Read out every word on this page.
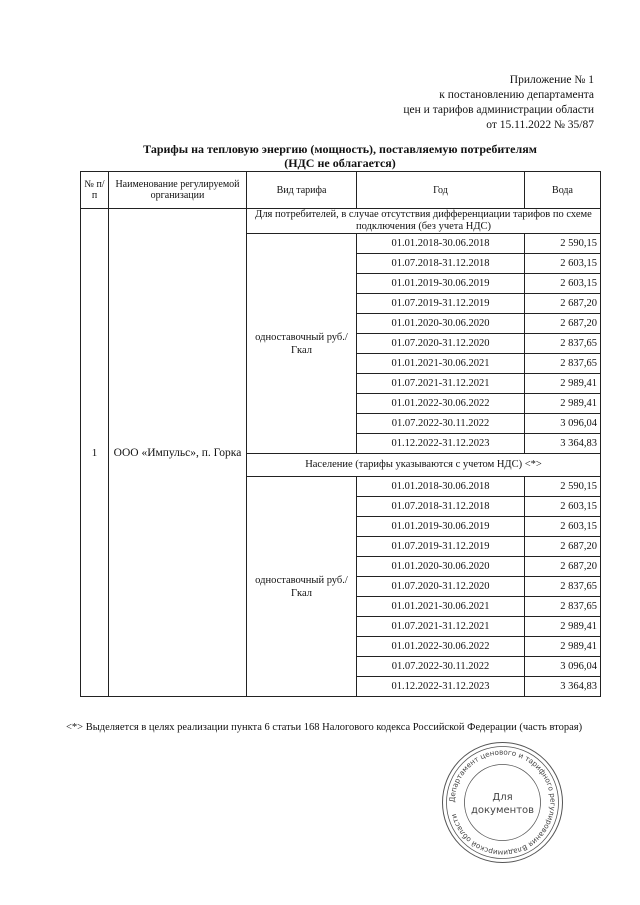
Приложение № 1
к постановлению департамента
цен и тарифов администрации области
от 15.11.2022 № 35/87
Тарифы на тепловую энергию (мощность), поставляемую потребителям
(НДС не облагается)
№ п/п	Наименование регулируемой организации	Вид тарифа	Год	Вода
1	ООО «Импульс», п. Горка	Для потребителей, в случае отсутствия дифференциации тарифов по схеме подключения (без учета НДС)		
		одноставочный руб./Гкал	01.01.2018-30.06.2018	2 590,15
			01.07.2018-31.12.2018	2 603,15
			01.01.2019-30.06.2019	2 603,15
			01.07.2019-31.12.2019	2 687,20
			01.01.2020-30.06.2020	2 687,20
			01.07.2020-31.12.2020	2 837,65
			01.01.2021-30.06.2021	2 837,65
			01.07.2021-31.12.2021	2 989,41
			01.01.2022-30.06.2022	2 989,41
			01.07.2022-30.11.2022	3 096,04
			01.12.2022-31.12.2023	3 364,83
		Население (тарифы указываются с учетом НДС) <*>		
		одноставочный руб./Гкал	01.01.2018-30.06.2018	2 590,15
			01.07.2018-31.12.2018	2 603,15
			01.01.2019-30.06.2019	2 603,15
			01.07.2019-31.12.2019	2 687,20
			01.01.2020-30.06.2020	2 687,20
			01.07.2020-31.12.2020	2 837,65
			01.01.2021-30.06.2021	2 837,65
			01.07.2021-31.12.2021	2 989,41
			01.01.2022-30.06.2022	2 989,41
			01.07.2022-30.11.2022	3 096,04
			01.12.2022-31.12.2023	3 364,83
<*> Выделяется в целях реализации пункта 6 статьи 168 Налогового кодекса Российской Федерации (часть вторая)
Департамент ценового и тарифного регулирования Владимирской области
Для
документов
